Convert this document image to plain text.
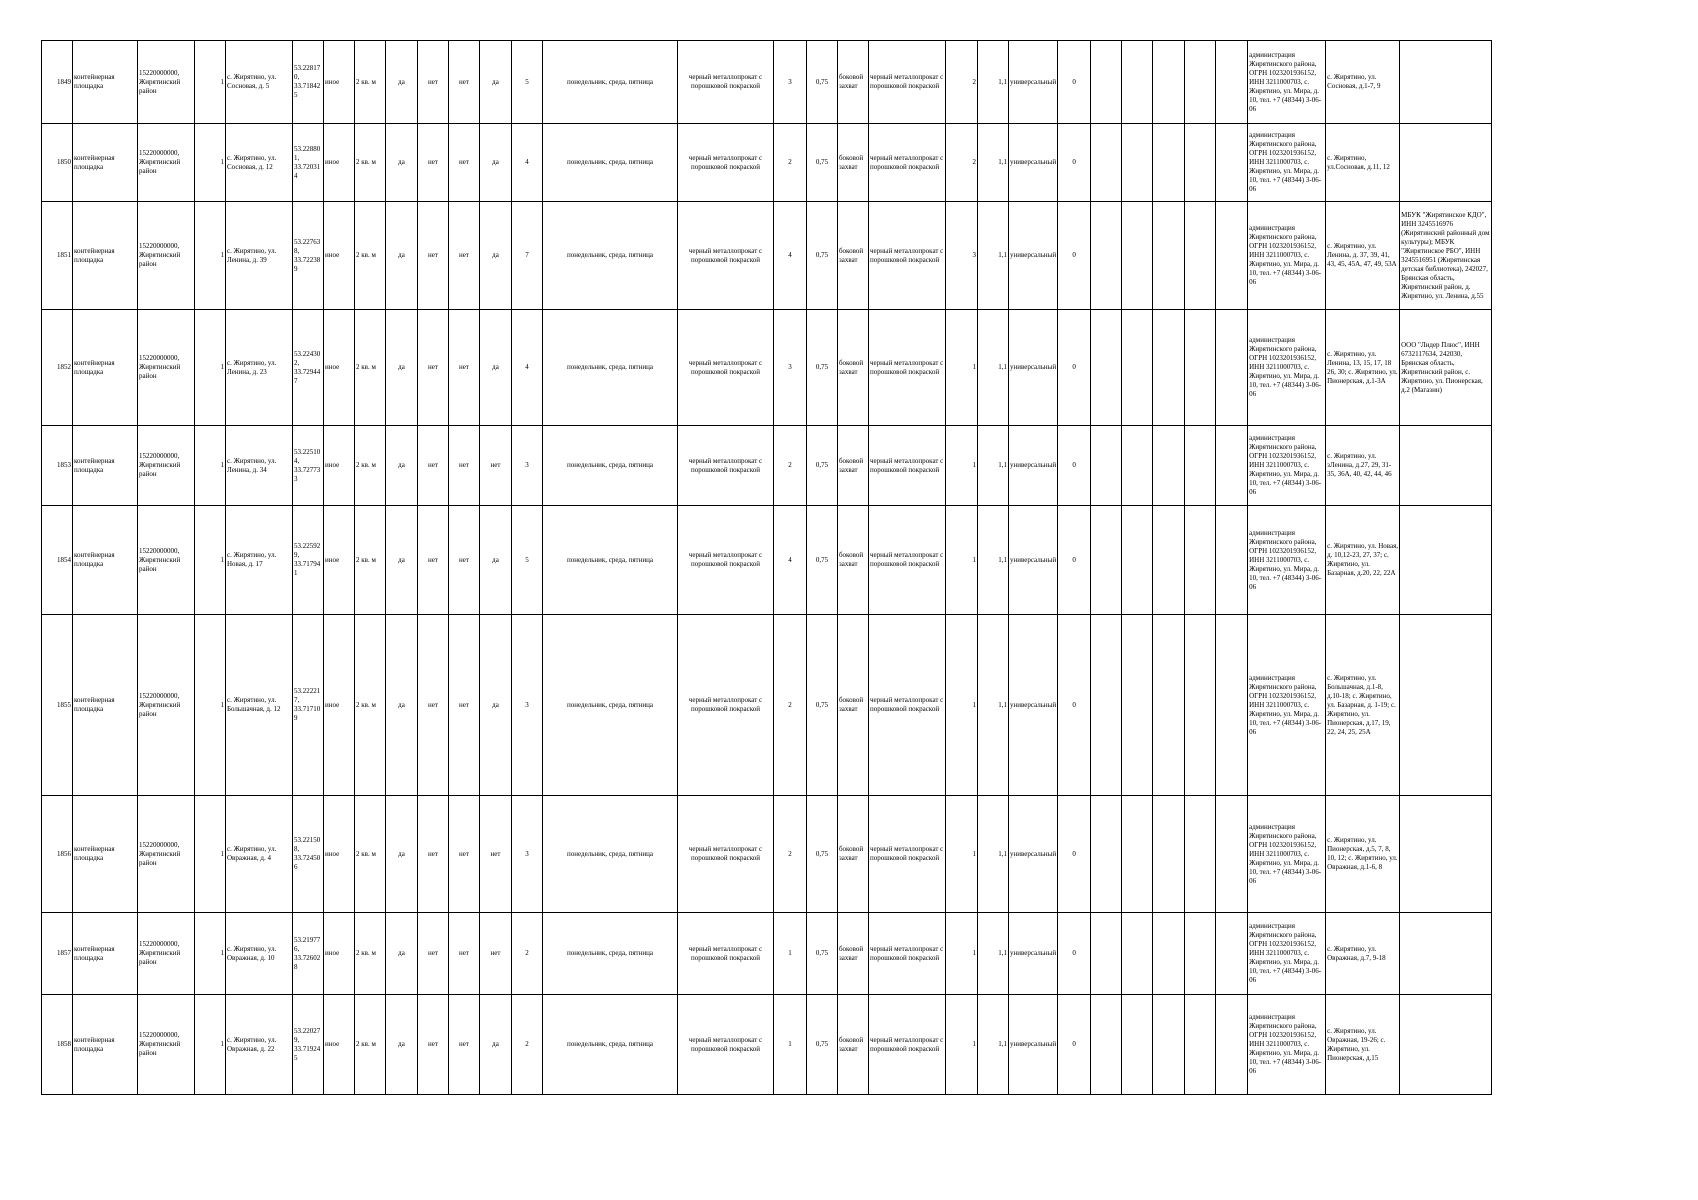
1849	контейнерная площадка	15220000000, Жирятинский район	1	с. Жирятино, ул. Сосновая, д. 5	53.22817 0, 33.71842 5	иное	2 кв. м	да	нет	нет	да	5	понедельник, среда, пятница	черный металлопрокат с порошковой покраской	3	0,75	боковой захват	черный металлопрокат с порошковой покраской	2	1,1	универсальный	0						администрация Жирятинского района, ОГРН 1023201936152, ИНН 3211000703, с. Жирятино, ул. Мира, д. 10, тел. +7 (48344) 3-06-06	с. Жирятино, ул. Сосновая, д.1-7, 9	
1850	контейнерная площадка	15220000000, Жирятинский район	1	с. Жирятино, ул. Сосновая, д. 12	53.22880 1, 33.72031 4	иное	2 кв. м	да	нет	нет	да	4	понедельник, среда, пятница	черный металлопрокат с порошковой покраской	2	0,75	боковой захват	черный металлопрокат с порошковой покраской	2	1,1	универсальный	0						администрация Жирятинского района, ОГРН 1023201936152, ИНН 3211000703, с. Жирятино, ул. Мира, д. 10, тел. +7 (48344) 3-06-06	с. Жирятино, ул.Сосновая, д.11, 12	
1851	контейнерная площадка	15220000000, Жирятинский район	1	с. Жирятино, ул. Ленина, д. 39	53.22763 8, 33.72238 9	иное	2 кв. м	да	нет	нет	да	7	понедельник, среда, пятница	черный металлопрокат с порошковой покраской	4	0,75	боковой захват	черный металлопрокат с порошковой покраской	3	1,1	универсальный	0						администрация Жирятинского района, ОГРН 1023201936152, ИНН 3211000703, с. Жирятино, ул. Мира, д. 10, тел. +7 (48344) 3-06-06	с. Жирятино, ул. Ленина, д. 37, 39, 41, 43, 45, 45А, 47, 49, 53А	МБУК "Жирятинское КДО", ИНН 3245516976 (Жирятинский районный дом культуры); МБУК "Жирятинское РБО", ИНН 3245516951 (Жирятинская детская библиотека), 242027, Брянская область, Жирятинский район, д. Жирятино, ул. Ленина, д.55
1852	контейнерная площадка	15220000000, Жирятинский район	1	с. Жирятино, ул. Ленина, д. 23	53.22430 2, 33.72944 7	иное	2 кв. м	да	нет	нет	да	4	понедельник, среда, пятница	черный металлопрокат с порошковой покраской	3	0,75	боковой захват	черный металлопрокат с порошковой покраской	1	1,1	универсальный	0						администрация Жирятинского района, ОГРН 1023201936152, ИНН 3211000703, с. Жирятино, ул. Мира, д. 10, тел. +7 (48344) 3-06-06	с. Жирятино, ул. Ленина, 13, 15, 17, 18 26, 30; с. Жирятино, ул. Пионерская, д.1-3А	ООО "Лидер Плюс", ИНН 6732117634, 242030, Брянская область, Жирятинский район, с. Жирятино, ул. Пионерская, д.2 (Магазин)
1853	контейнерная площадка	15220000000, Жирятинский район	1	с. Жирятино, ул. Ленина, д. 34	53.22510 4, 33.72773 3	иное	2 кв. м	да	нет	нет	нет	3	понедельник, среда, пятница	черный металлопрокат с порошковой покраской	2	0,75	боковой захват	черный металлопрокат с порошковой покраской	1	1,1	универсальный	0						администрация Жирятинского района, ОГРН 1023201936152, ИНН 3211000703, с. Жирятино, ул. Мира, д. 10, тел. +7 (48344) 3-06-06	с. Жирятино, ул. зЛенина, д.27, 29, 31-35, 36А, 40, 42, 44, 46	
1854	контейнерная площадка	15220000000, Жирятинский район	1	с. Жирятино, ул. Новая, д. 17	53.22592 9, 33.71794 1	иное	2 кв. м	да	нет	нет	да	5	понедельник, среда, пятница	черный металлопрокат с порошковой покраской	4	0,75	боковой захват	черный металлопрокат с порошковой покраской	1	1,1	универсальный	0						администрация Жирятинского района, ОГРН 1023201936152, ИНН 3211000703, с. Жирятино, ул. Мира, д. 10, тел. +7 (48344) 3-06-06	с. Жирятино, ул. Новая, д. 10,12-23, 27, 37; с. Жирятино, ул. Базарная, д.20, 22, 22А	
1855	контейнерная площадка	15220000000, Жирятинский район	1	с. Жирятино, ул. Большачная, д. 12	53.22221 7, 33.71710 9	иное	2 кв. м	да	нет	нет	да	3	понедельник, среда, пятница	черный металлопрокат с порошковой покраской	2	0,75	боковой захват	черный металлопрокат с порошковой покраской	1	1,1	универсальный	0						администрация Жирятинского района, ОГРН 1023201936152, ИНН 3211000703, с. Жирятино, ул. Мира, д. 10, тел. +7 (48344) 3-06-06	с. Жирятино, ул. Большачная, д.1-8, д.10-18; с. Жирятино, ул. Базарная, д. 1-19; с. Жирятино, ул. Пионерская, д.17, 19, 22, 24, 25, 25А	
1856	контейнерная площадка	15220000000, Жирятинский район	1	с. Жирятино, ул. Овражная, д. 4	53.22150 8, 33.72450 6	иное	2 кв. м	да	нет	нет	нет	3	понедельник, среда, пятница	черный металлопрокат с порошковой покраской	2	0,75	боковой захват	черный металлопрокат с порошковой покраской	1	1,1	универсальный	0						администрация Жирятинского района, ОГРН 1023201936152, ИНН 3211000703, с. Жирятино, ул. Мира, д. 10, тел. +7 (48344) 3-06-06	с. Жирятино, ул. Пионерская, д.5, 7, 8, 10, 12; с. Жирятино, ул. Овражная, д.1-6, 8	
1857	контейнерная площадка	15220000000, Жирятинский район	1	с. Жирятино, ул. Овражная, д. 10	53.21977 6, 33.72602 8	иное	2 кв. м	да	нет	нет	нет	2	понедельник, среда, пятница	черный металлопрокат с порошковой покраской	1	0,75	боковой захват	черный металлопрокат с порошковой покраской	1	1,1	универсальный	0						администрация Жирятинского района, ОГРН 1023201936152, ИНН 3211000703, с. Жирятино, ул. Мира, д. 10, тел. +7 (48344) 3-06-06	с. Жирятино, ул. Овражная, д.7, 9-18	
1858	контейнерная площадка	15220000000, Жирятинский район	1	с. Жирятино, ул. Овражная, д. 22	53.22027 9, 33.71924 5	иное	2 кв. м	да	нет	нет	да	2	понедельник, среда, пятница	черный металлопрокат с порошковой покраской	1	0,75	боковой захват	черный металлопрокат с порошковой покраской	1	1,1	универсальный	0						администрация Жирятинского района, ОГРН 1023201936152, ИНН 3211000703, с. Жирятино, ул. Мира, д. 10, тел. +7 (48344) 3-06-06	с. Жирятино, ул. Овражная, 19-26; с. Жирятино, ул. Пионерская, д.15	
